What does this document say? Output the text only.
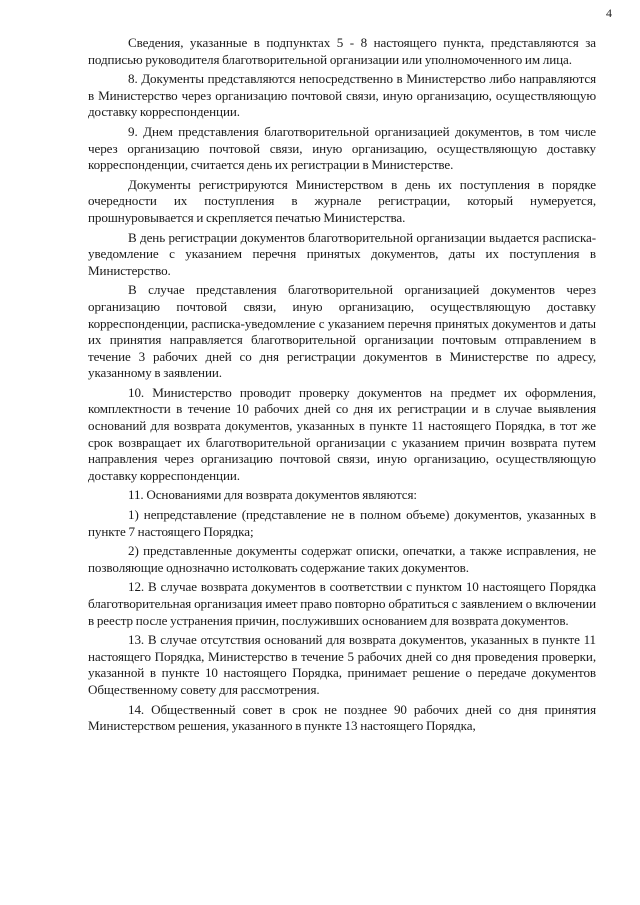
4

Сведения, указанные в подпунктах 5 - 8 настоящего пункта, представляются за подписью руководителя благотворительной организации или уполномоченного им лица.

8. Документы представляются непосредственно в Министерство либо направляются в Министерство через организацию почтовой связи, иную организацию, осуществляющую доставку корреспонденции.

9. Днем представления благотворительной организацией документов, в том числе через организацию почтовой связи, иную организацию, осуществляющую доставку корреспонденции, считается день их регистрации в Министерстве.

Документы регистрируются Министерством в день их поступления в порядке очередности их поступления в журнале регистрации, который нумеруется, прошнуровывается и скрепляется печатью Министерства.

В день регистрации документов благотворительной организации выдается расписка-уведомление с указанием перечня принятых документов, даты их поступления в Министерство.

В случае представления благотворительной организацией документов через организацию почтовой связи, иную организацию, осуществляющую доставку корреспонденции, расписка-уведомление с указанием перечня принятых документов и даты их принятия направляется благотворительной организации почтовым отправлением в течение 3 рабочих дней со дня регистрации документов в Министерстве по адресу, указанному в заявлении.

10. Министерство проводит проверку документов на предмет их оформления, комплектности в течение 10 рабочих дней со дня их регистрации и в случае выявления оснований для возврата документов, указанных в пункте 11 настоящего Порядка, в тот же срок возвращает их благотворительной организации с указанием причин возврата путем направления через организацию почтовой связи, иную организацию, осуществляющую доставку корреспонденции.

11. Основаниями для возврата документов являются:

1) непредставление (представление не в полном объеме) документов, указанных в пункте 7 настоящего Порядка;

2) представленные документы содержат описки, опечатки, а также исправления, не позволяющие однозначно истолковать содержание таких документов.

12. В случае возврата документов в соответствии с пунктом 10 настоящего Порядка благотворительная организация имеет право повторно обратиться с заявлением о включении в реестр после устранения причин, послуживших основанием для возврата документов.

13. В случае отсутствия оснований для возврата документов, указанных в пункте 11 настоящего Порядка, Министерство в течение 5 рабочих дней со дня проведения проверки, указанной в пункте 10 настоящего Порядка, принимает решение о передаче документов Общественному совету для рассмотрения.

14. Общественный совет в срок не позднее 90 рабочих дней со дня принятия Министерством решения, указанного в пункте 13 настоящего Порядка,
